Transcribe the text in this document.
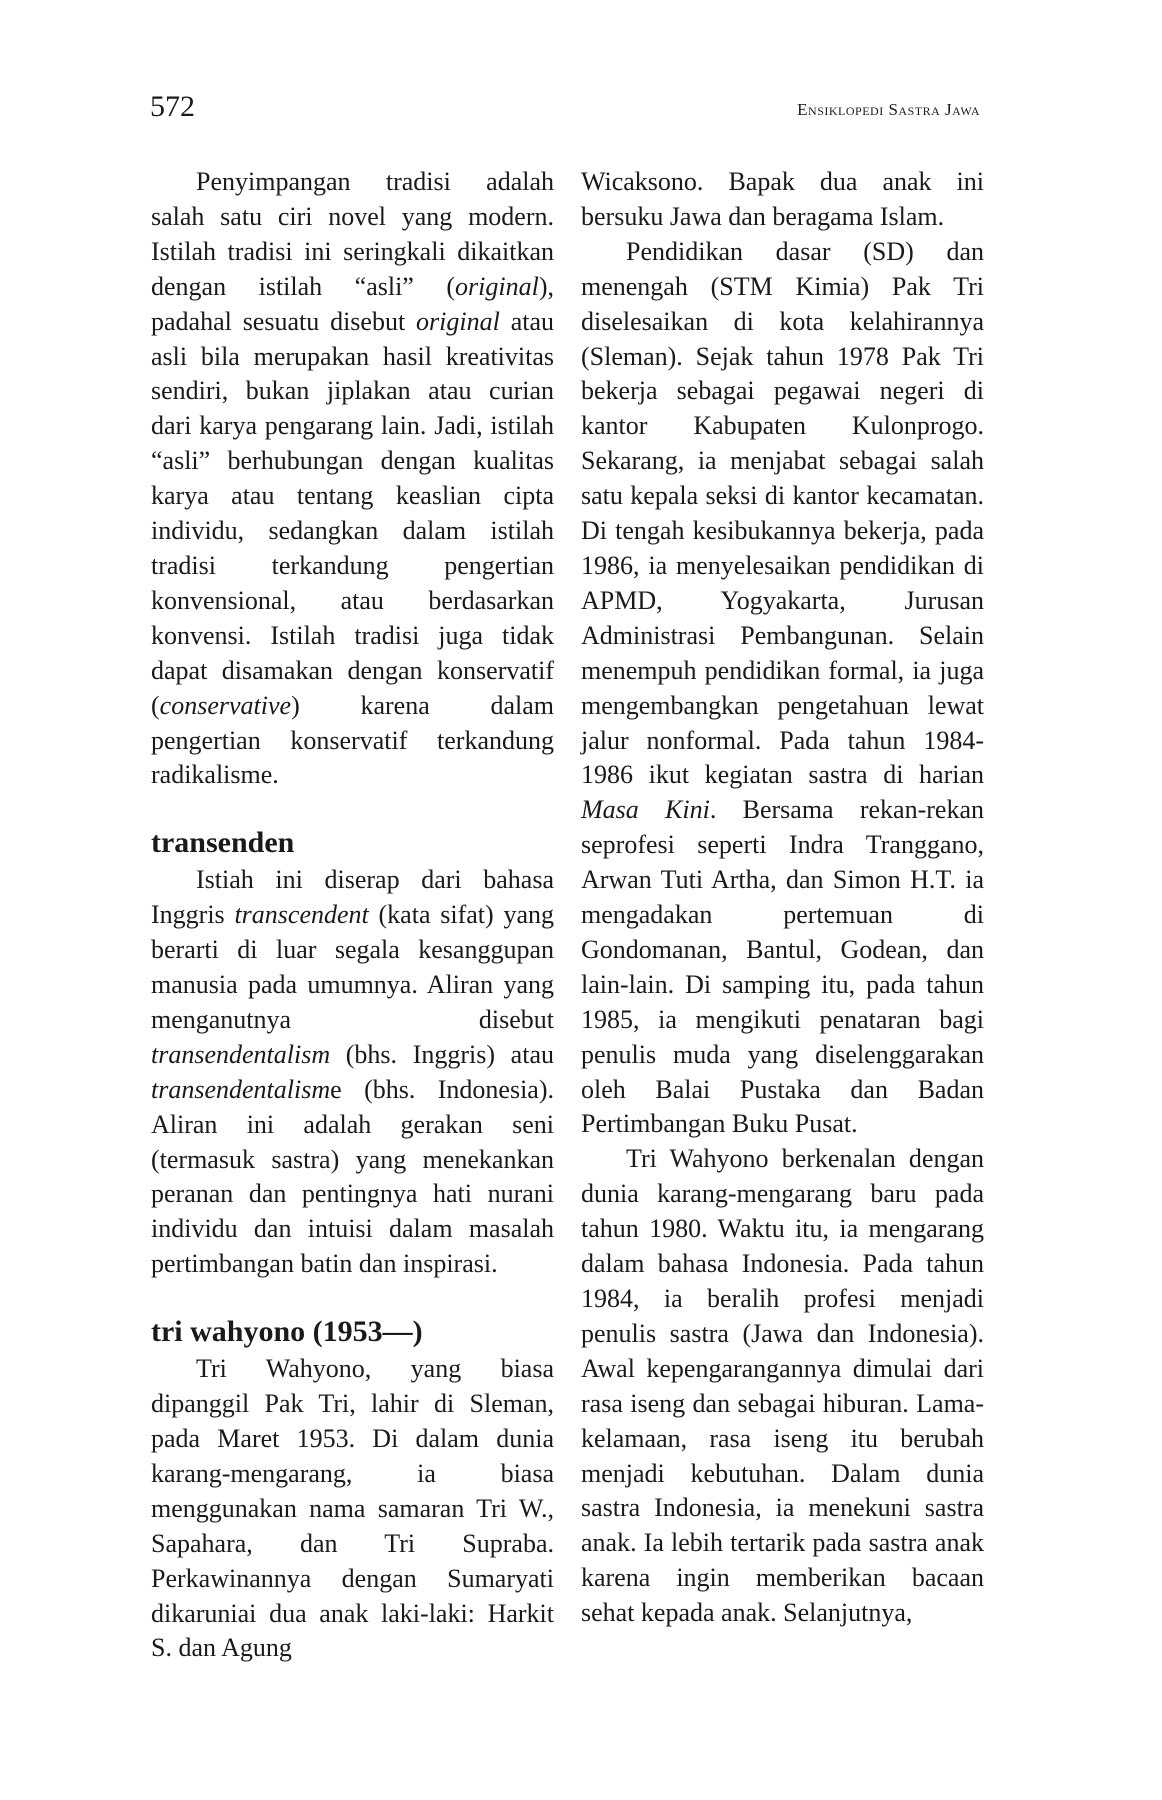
572	Ensiklopedi Sastra Jawa

Penyimpangan tradisi adalah salah satu ciri novel yang modern. Istilah tradisi ini seringkali dikaitkan dengan istilah “asli” (original), padahal sesuatu disebut original atau asli bila merupakan hasil kreativitas sendiri, bukan jiplakan atau curian dari karya pengarang lain. Jadi, istilah “asli” berhubungan dengan kualitas karya atau tentang keaslian cipta individu, sedangkan dalam istilah tradisi terkandung pengertian konvensional, atau berdasarkan konvensi. Istilah tradisi juga tidak dapat disamakan dengan konservatif (conservative) karena dalam pengertian konservatif terkandung radikalisme.

transenden

Istiah ini diserap dari bahasa Inggris transcendent (kata sifat) yang berarti di luar segala kesanggupan manusia pada umumnya. Aliran yang menganutnya disebut transendentalism (bhs. Inggris) atau transendentalisme (bhs. Indonesia). Aliran ini adalah gerakan seni (termasuk sastra) yang menekankan peranan dan pentingnya hati nurani individu dan intuisi dalam masalah pertimbangan batin dan inspirasi.

tri wahyono (1953—)

Tri Wahyono, yang biasa dipanggil Pak Tri, lahir di Sleman, pada Maret 1953. Di dalam dunia karang-mengarang, ia biasa menggunakan nama samaran Tri W., Sapahara, dan Tri Supraba. Perkawinannya dengan Sumaryati dikaruniai dua anak laki-laki: Harkit S. dan Agung

Wicaksono. Bapak dua anak ini bersuku Jawa dan beragama Islam.

Pendidikan dasar (SD) dan menengah (STM Kimia) Pak Tri diselesaikan di kota kelahirannya (Sleman). Sejak tahun 1978 Pak Tri bekerja sebagai pegawai negeri di kantor Kabupaten Kulonprogo. Sekarang, ia menjabat sebagai salah satu kepala seksi di kantor kecamatan. Di tengah kesibukannya bekerja, pada 1986, ia menyelesaikan pendidikan di APMD, Yogyakarta, Jurusan Administrasi Pembangunan. Selain menempuh pendidikan formal, ia juga mengembangkan pengetahuan lewat jalur nonformal. Pada tahun 1984-1986 ikut kegiatan sastra di harian Masa Kini. Bersama rekan-rekan seprofesi seperti Indra Tranggano, Arwan Tuti Artha, dan Simon H.T. ia mengadakan pertemuan di Gondomanan, Bantul, Godean, dan lain-lain. Di samping itu, pada tahun 1985, ia mengikuti penataran bagi penulis muda yang diselenggarakan oleh Balai Pustaka dan Badan Pertimbangan Buku Pusat.

Tri Wahyono berkenalan dengan dunia karang-mengarang baru pada tahun 1980. Waktu itu, ia mengarang dalam bahasa Indonesia. Pada tahun 1984, ia beralih profesi menjadi penulis sastra (Jawa dan Indonesia). Awal kepengarangannya dimulai dari rasa iseng dan sebagai hiburan. Lama-kelamaan, rasa iseng itu berubah menjadi kebutuhan. Dalam dunia sastra Indonesia, ia menekuni sastra anak. Ia lebih tertarik pada sastra anak karena ingin memberikan bacaan sehat kepada anak. Selanjutnya,
